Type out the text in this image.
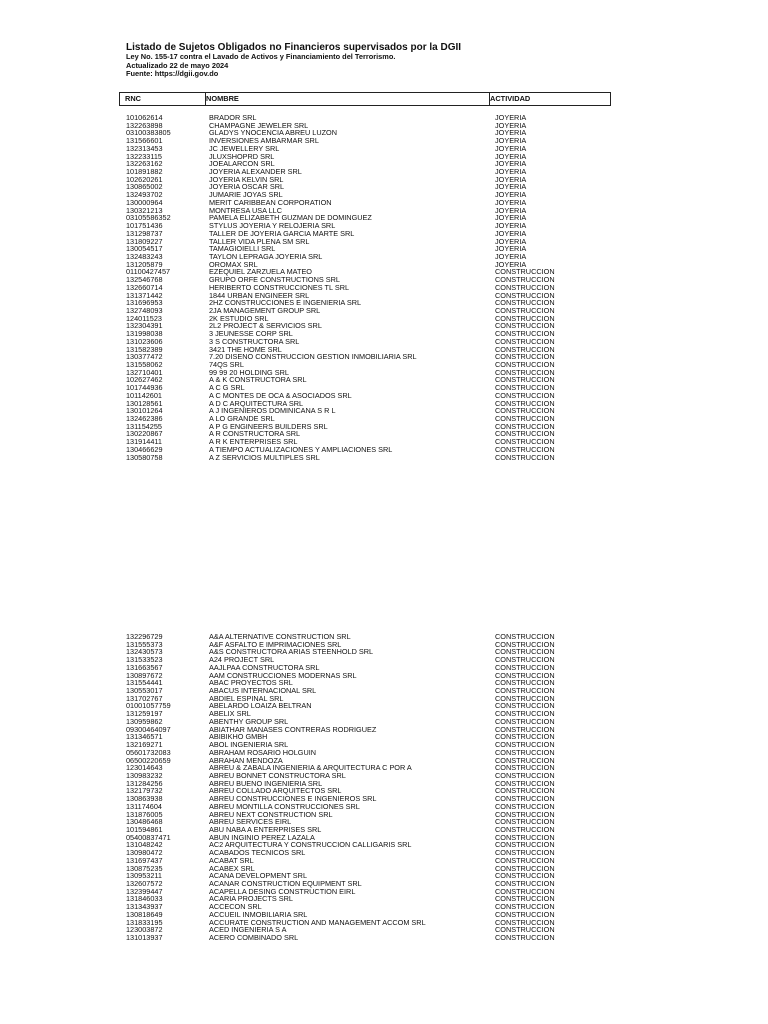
Listado de Sujetos Obligados no Financieros supervisados por la DGII
Ley No. 155-17 contra el Lavado de Activos y Financiamiento del Terrorismo.
Actualizado 22 de mayo 2024
Fuente: https://dgii.gov.do
RNC	NOMBRE	ACTIVIDAD
101062614	BRADOR SRL	JOYERIA
132263898	CHAMPAGNE JEWELER SRL	JOYERIA
03100383805	GLADYS YNOCENCIA ABREU LUZON	JOYERIA
131566601	INVERSIONES AMBARMAR SRL	JOYERIA
132313453	JC JEWELLERY SRL	JOYERIA
132233115	JLUXSHOPRD SRL	JOYERIA
132263162	JOEALARCON SRL	JOYERIA
101891882	JOYERIA ALEXANDER SRL	JOYERIA
102620261	JOYERIA KELVIN SRL	JOYERIA
130865002	JOYERIA OSCAR SRL	JOYERIA
132493702	JUMARIE JOYAS SRL	JOYERIA
130000964	MERIT CARIBBEAN CORPORATION	JOYERIA
130321213	MONTRESA USA LLC	JOYERIA
03105586352	PAMELA ELIZABETH GUZMAN DE DOMINGUEZ	JOYERIA
101751436	STYLUS JOYERIA Y RELOJERIA SRL	JOYERIA
131298737	TALLER DE JOYERIA GARCIA MARTE SRL	JOYERIA
131809227	TALLER VIDA PLENA SM SRL	JOYERIA
130054517	TAMAGIOIELLI SRL	JOYERIA
132483243	TAYLON LEPRAGA JOYERIA SRL	JOYERIA
131205879	OROMAX SRL	JOYERIA
01100427457	EZEQUIEL ZARZUELA MATEO	CONSTRUCCION
132546768	GRUPO ORFE CONSTRUCTIONS SRL	CONSTRUCCION
132660714	HERIBERTO CONSTRUCCIONES TL SRL	CONSTRUCCION
131371442	1844 URBAN ENGINEER SRL	CONSTRUCCION
131696953	2HZ CONSTRUCCIONES E INGENIERIA SRL	CONSTRUCCION
132748093	2JA MANAGEMENT GROUP SRL	CONSTRUCCION
124011523	2K ESTUDIO SRL	CONSTRUCCION
132304391	2L2 PROJECT & SERVICIOS SRL	CONSTRUCCION
131998038	3 JEUNESSE CORP SRL	CONSTRUCCION
131023606	3 S CONSTRUCTORA SRL	CONSTRUCCION
131582389	3421 THE HOME SRL	CONSTRUCCION
130377472	7.20 DISENO CONSTRUCCION GESTION INMOBILIARIA SRL	CONSTRUCCION
131558062	74QS SRL	CONSTRUCCION
132710401	99 99 20 HOLDING SRL	CONSTRUCCION
102627462	A & K CONSTRUCTORA SRL	CONSTRUCCION
101744936	A C G SRL	CONSTRUCCION
101142601	A C MONTES DE OCA & ASOCIADOS SRL	CONSTRUCCION
130128561	A D C ARQUITECTURA SRL	CONSTRUCCION
130101264	A J INGENIEROS DOMINICANA S R L	CONSTRUCCION
132462386	A LO GRANDE SRL	CONSTRUCCION
131154255	A P G ENGINEERS BUILDERS SRL	CONSTRUCCION
130220867	A R CONSTRUCTORA SRL	CONSTRUCCION
131914411	A R K ENTERPRISES SRL	CONSTRUCCION
130466629	A TIEMPO ACTUALIZACIONES Y AMPLIACIONES SRL	CONSTRUCCION
130580758	A Z SERVICIOS MULTIPLES SRL	CONSTRUCCION
132296729	A&A ALTERNATIVE CONSTRUCTION SRL	CONSTRUCCION
131555373	A&F ASFALTO E IMPRIMACIONES SRL	CONSTRUCCION
132430573	A&S CONSTRUCTORA ARIAS STEENHOLD SRL	CONSTRUCCION
131533523	A24 PROJECT SRL	CONSTRUCCION
131663567	AAJLPAA CONSTRUCTORA SRL	CONSTRUCCION
130897672	AAM CONSTRUCCIONES MODERNAS SRL	CONSTRUCCION
131554441	ABAC PROYECTOS SRL	CONSTRUCCION
130553017	ABACUS INTERNACIONAL SRL	CONSTRUCCION
131702767	ABDIEL ESPINAL SRL	CONSTRUCCION
01001057759	ABELARDO LOAIZA BELTRAN	CONSTRUCCION
131259197	ABELIX SRL	CONSTRUCCION
130959862	ABENTHY GROUP SRL	CONSTRUCCION
09300464097	ABIATHAR MANASES CONTRERAS RODRIGUEZ	CONSTRUCCION
131346571	ABIBIKHO GMBH	CONSTRUCCION
132169271	ABOL INGENIERIA SRL	CONSTRUCCION
05601732083	ABRAHAM ROSARIO HOLGUIN	CONSTRUCCION
06500220659	ABRAHAN MENDOZA	CONSTRUCCION
123014643	ABREU & ZABALA INGENIERIA & ARQUITECTURA C POR A	CONSTRUCCION
130983232	ABREU BONNET CONSTRUCTORA SRL	CONSTRUCCION
131284256	ABREU BUENO INGENIERIA SRL	CONSTRUCCION
132179732	ABREU COLLADO ARQUITECTOS SRL	CONSTRUCCION
130863938	ABREU CONSTRUCCIONES E INGENIEROS SRL	CONSTRUCCION
131174604	ABREU MONTILLA CONSTRUCCIONES SRL	CONSTRUCCION
131876005	ABREU NEXT CONSTRUCTION SRL	CONSTRUCCION
130486468	ABREU SERVICES EIRL	CONSTRUCCION
101594861	ABU NABA A ENTERPRISES SRL	CONSTRUCCION
05400837471	ABUN INGINIO PEREZ LAZALA	CONSTRUCCION
131048242	AC2 ARQUITECTURA Y CONSTRUCCION CALLIGARIS SRL	CONSTRUCCION
130980472	ACABADOS TECNICOS SRL	CONSTRUCCION
131697437	ACABAT SRL	CONSTRUCCION
130875235	ACABEX SRL	CONSTRUCCION
130953211	ACANA DEVELOPMENT SRL	CONSTRUCCION
132607572	ACANAR CONSTRUCTION EQUIPMENT SRL	CONSTRUCCION
132399447	ACAPELLA DESING CONSTRUCTION EIRL	CONSTRUCCION
131846033	ACARIA PROJECTS SRL	CONSTRUCCION
131343937	ACCECON SRL	CONSTRUCCION
130818649	ACCUEIL INMOBILIARIA SRL	CONSTRUCCION
131833195	ACCURATE CONSTRUCTION AND MANAGEMENT ACCOM SRL	CONSTRUCCION
123003872	ACED INGENIERIA S A	CONSTRUCCION
131013937	ACERO COMBINADO SRL	CONSTRUCCION
